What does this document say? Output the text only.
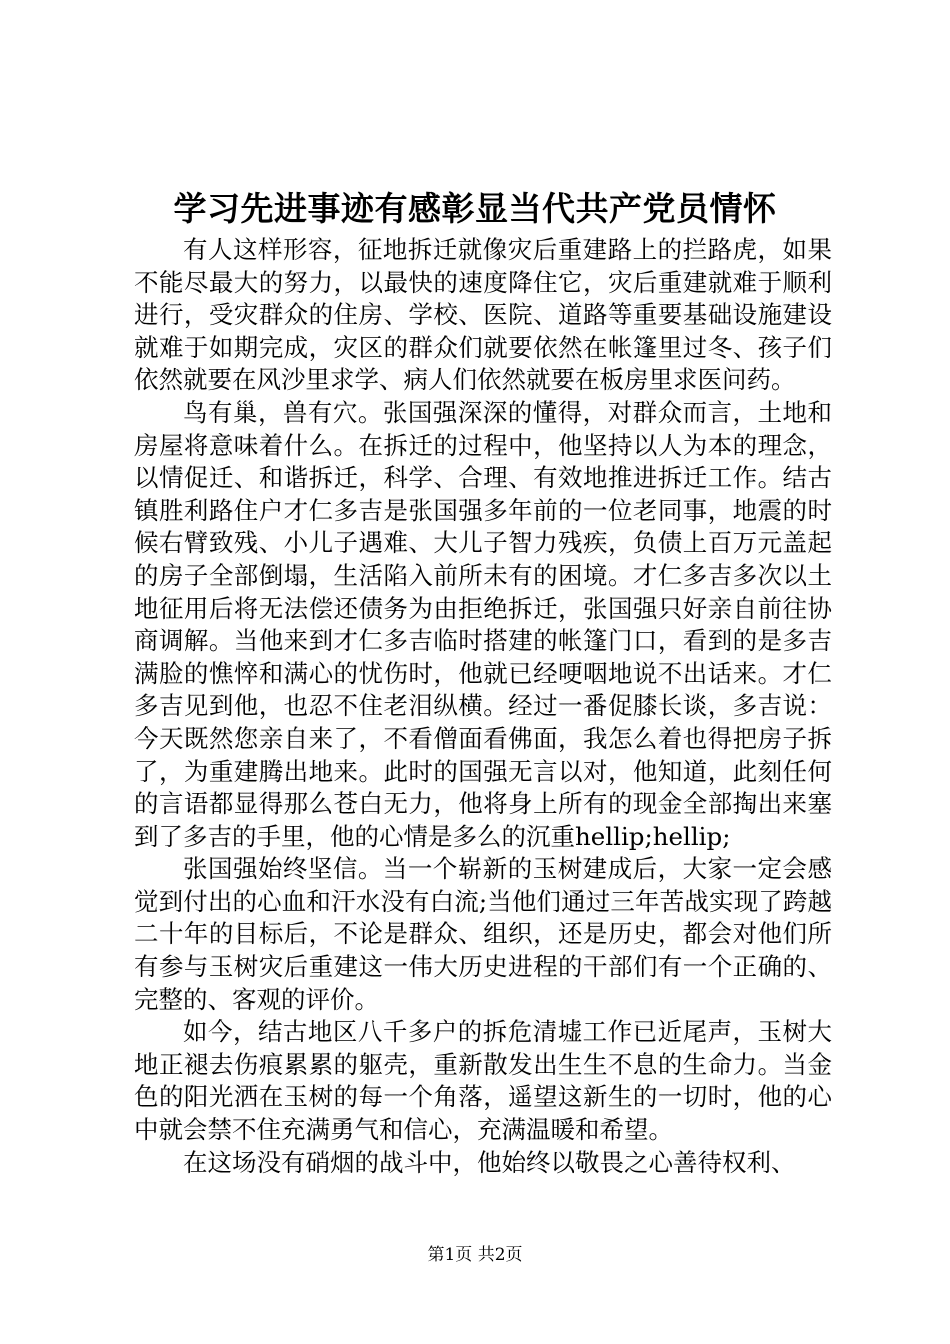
学习先进事迹有感彰显当代共产党员情怀

有人这样形容，征地拆迁就像灾后重建路上的拦路虎，如果不能尽最大的努力，以最快的速度降住它，灾后重建就难于顺利进行，受灾群众的住房、学校、医院、道路等重要基础设施建设就难于如期完成，灾区的群众们就要依然在帐篷里过冬、孩子们依然就要在风沙里求学、病人们依然就要在板房里求医问药。

鸟有巢，兽有穴。张国强深深的懂得，对群众而言，土地和房屋将意味着什么。在拆迁的过程中，他坚持以人为本的理念，以情促迁、和谐拆迁，科学、合理、有效地推进拆迁工作。结古镇胜利路住户才仁多吉是张国强多年前的一位老同事，地震的时候右臂致残、小儿子遇难、大儿子智力残疾，负债上百万元盖起的房子全部倒塌，生活陷入前所未有的困境。才仁多吉多次以土地征用后将无法偿还债务为由拒绝拆迁，张国强只好亲自前往协商调解。当他来到才仁多吉临时搭建的帐篷门口，看到的是多吉满脸的憔悴和满心的忧伤时，他就已经哽咽地说不出话来。才仁多吉见到他，也忍不住老泪纵横。经过一番促膝长谈，多吉说：今天既然您亲自来了，不看僧面看佛面，我怎么着也得把房子拆了，为重建腾出地来。此时的国强无言以对，他知道，此刻任何的言语都显得那么苍白无力，他将身上所有的现金全部掏出来塞到了多吉的手里，他的心情是多么的沉重hellip;hellip;

张国强始终坚信。当一个崭新的玉树建成后，大家一定会感觉到付出的心血和汗水没有白流;当他们通过三年苦战实现了跨越二十年的目标后，不论是群众、组织，还是历史，都会对他们所有参与玉树灾后重建这一伟大历史进程的干部们有一个正确的、完整的、客观的评价。

如今，结古地区八千多户的拆危清墟工作已近尾声，玉树大地正褪去伤痕累累的躯壳，重新散发出生生不息的生命力。当金色的阳光洒在玉树的每一个角落，遥望这新生的一切时，他的心中就会禁不住充满勇气和信心，充满温暖和希望。

在这场没有硝烟的战斗中，他始终以敬畏之心善待权利、

第1页 共2页
